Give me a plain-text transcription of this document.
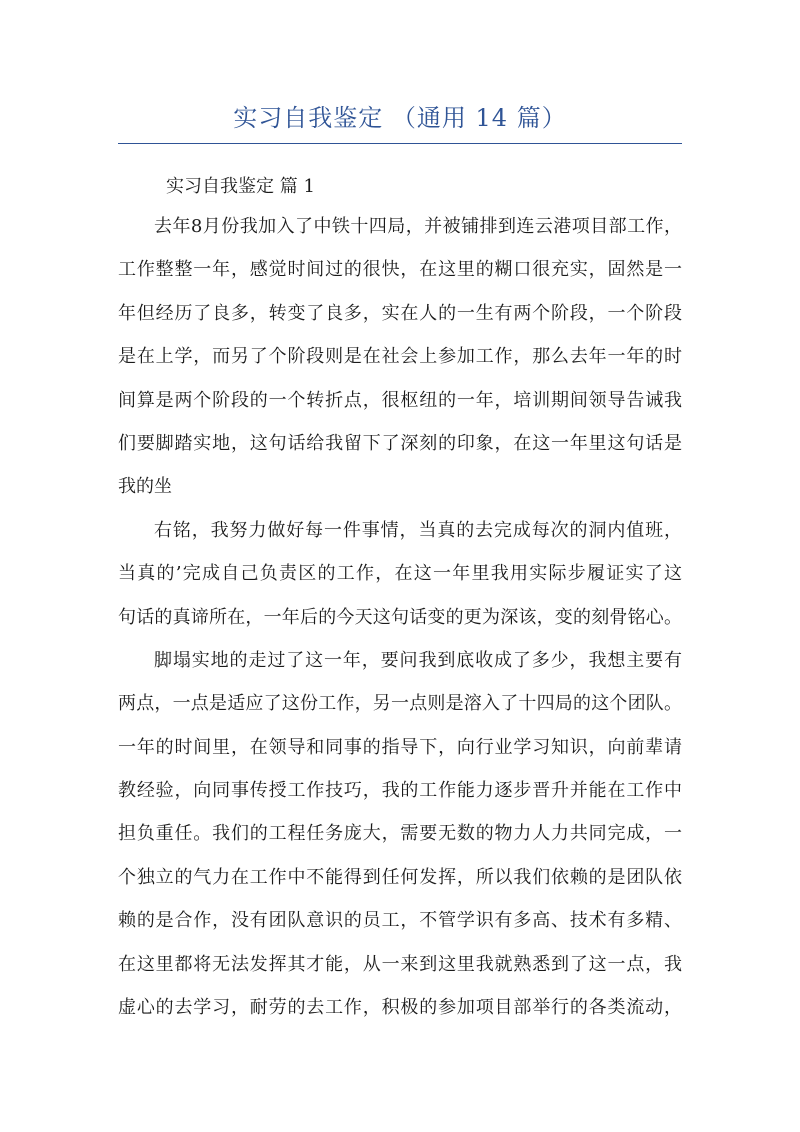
实习自我鉴定 （通用 14 篇）
实习自我鉴定 篇 1
去年8月份我加入了中铁十四局，并被铺排到连云港项目部工作，
工作整整一年，感觉时间过的很快，在这里的糊口很充实，固然是一
年但经历了良多，转变了良多，实在人的一生有两个阶段，一个阶段
是在上学，而另了个阶段则是在社会上参加工作，那么去年一年的时
间算是两个阶段的一个转折点，很枢纽的一年，培训期间领导告诫我
们要脚踏实地，这句话给我留下了深刻的印象，在这一年里这句话是
我的坐
右铭，我努力做好每一件事情，当真的去完成每次的洞内值班，
当真的’完成自己负责区的工作，在这一年里我用实际步履证实了这
句话的真谛所在，一年后的今天这句话变的更为深该，变的刻骨铭心。
脚塌实地的走过了这一年，要问我到底收成了多少，我想主要有
两点，一点是适应了这份工作，另一点则是溶入了十四局的这个团队。
一年的时间里，在领导和同事的指导下，向行业学习知识，向前辈请
教经验，向同事传授工作技巧，我的工作能力逐步晋升并能在工作中
担负重任。我们的工程任务庞大，需要无数的物力人力共同完成，一
个独立的气力在工作中不能得到任何发挥，所以我们依赖的是团队依
赖的是合作，没有团队意识的员工，不管学识有多高、技术有多精、
在这里都将无法发挥其才能，从一来到这里我就熟悉到了这一点，我
虚心的去学习，耐劳的去工作，积极的参加项目部举行的各类流动，
